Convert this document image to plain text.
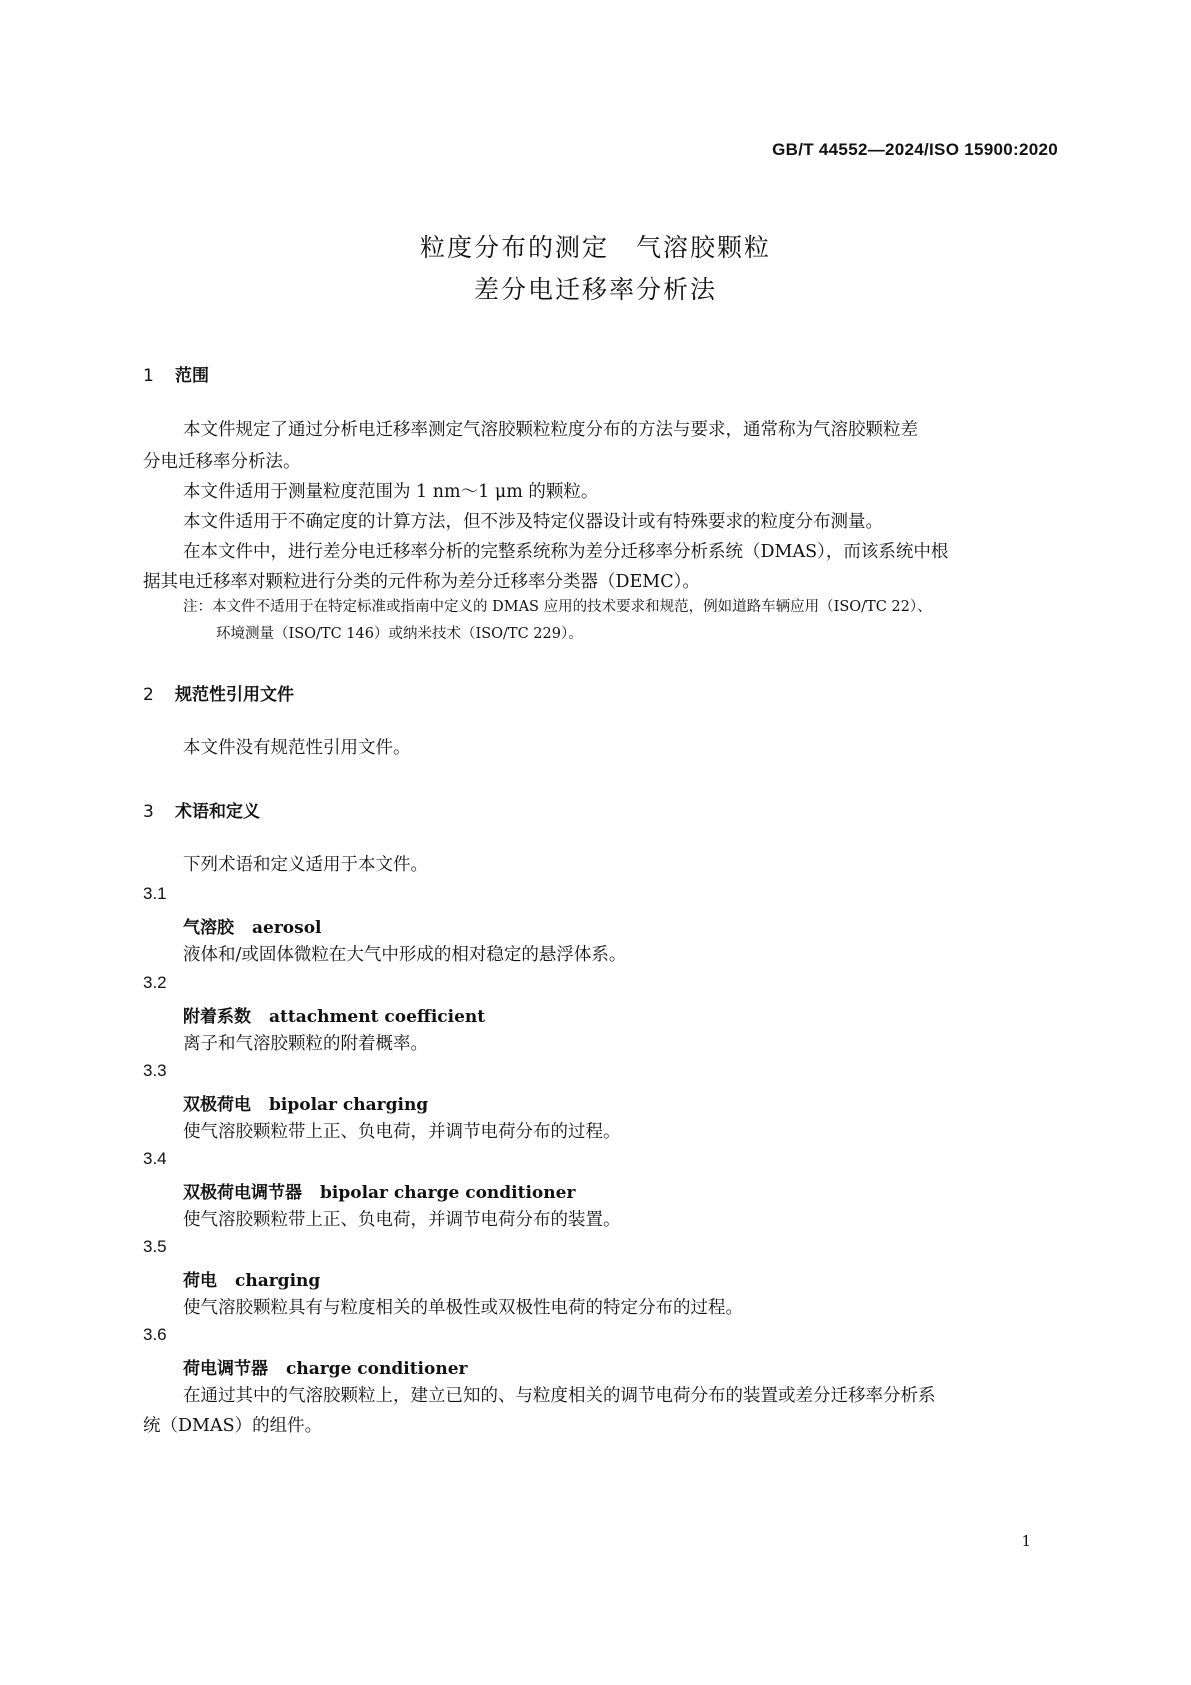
GB/T 44552—2024/ISO 15900:2020
粒度分布的测定　气溶胶颗粒
差分电迁移率分析法
1 范围
本文件规定了通过分析电迁移率测定气溶胶颗粒粒度分布的方法与要求，通常称为气溶胶颗粒差
分电迁移率分析法。
本文件适用于测量粒度范围为 1 nm～1 μm 的颗粒。
本文件适用于不确定度的计算方法，但不涉及特定仪器设计或有特殊要求的粒度分布测量。
在本文件中，进行差分电迁移率分析的完整系统称为差分迁移率分析系统（DMAS），而该系统中根
据其电迁移率对颗粒进行分类的元件称为差分迁移率分类器（DEMC）。
注：本文件不适用于在特定标准或指南中定义的 DMAS 应用的技术要求和规范，例如道路车辆应用（ISO/TC 22）、
环境测量（ISO/TC 146）或纳米技术（ISO/TC 229）。
2 规范性引用文件
本文件没有规范性引用文件。
3 术语和定义
下列术语和定义适用于本文件。
3.1
气溶胶 aerosol
液体和/或固体微粒在大气中形成的相对稳定的悬浮体系。
3.2
附着系数 attachment coefficient
离子和气溶胶颗粒的附着概率。
3.3
双极荷电 bipolar charging
使气溶胶颗粒带上正、负电荷，并调节电荷分布的过程。
3.4
双极荷电调节器 bipolar charge conditioner
使气溶胶颗粒带上正、负电荷，并调节电荷分布的装置。
3.5
荷电 charging
使气溶胶颗粒具有与粒度相关的单极性或双极性电荷的特定分布的过程。
3.6
荷电调节器 charge conditioner
在通过其中的气溶胶颗粒上，建立已知的、与粒度相关的调节电荷分布的装置或差分迁移率分析系
统（DMAS）的组件。
1
